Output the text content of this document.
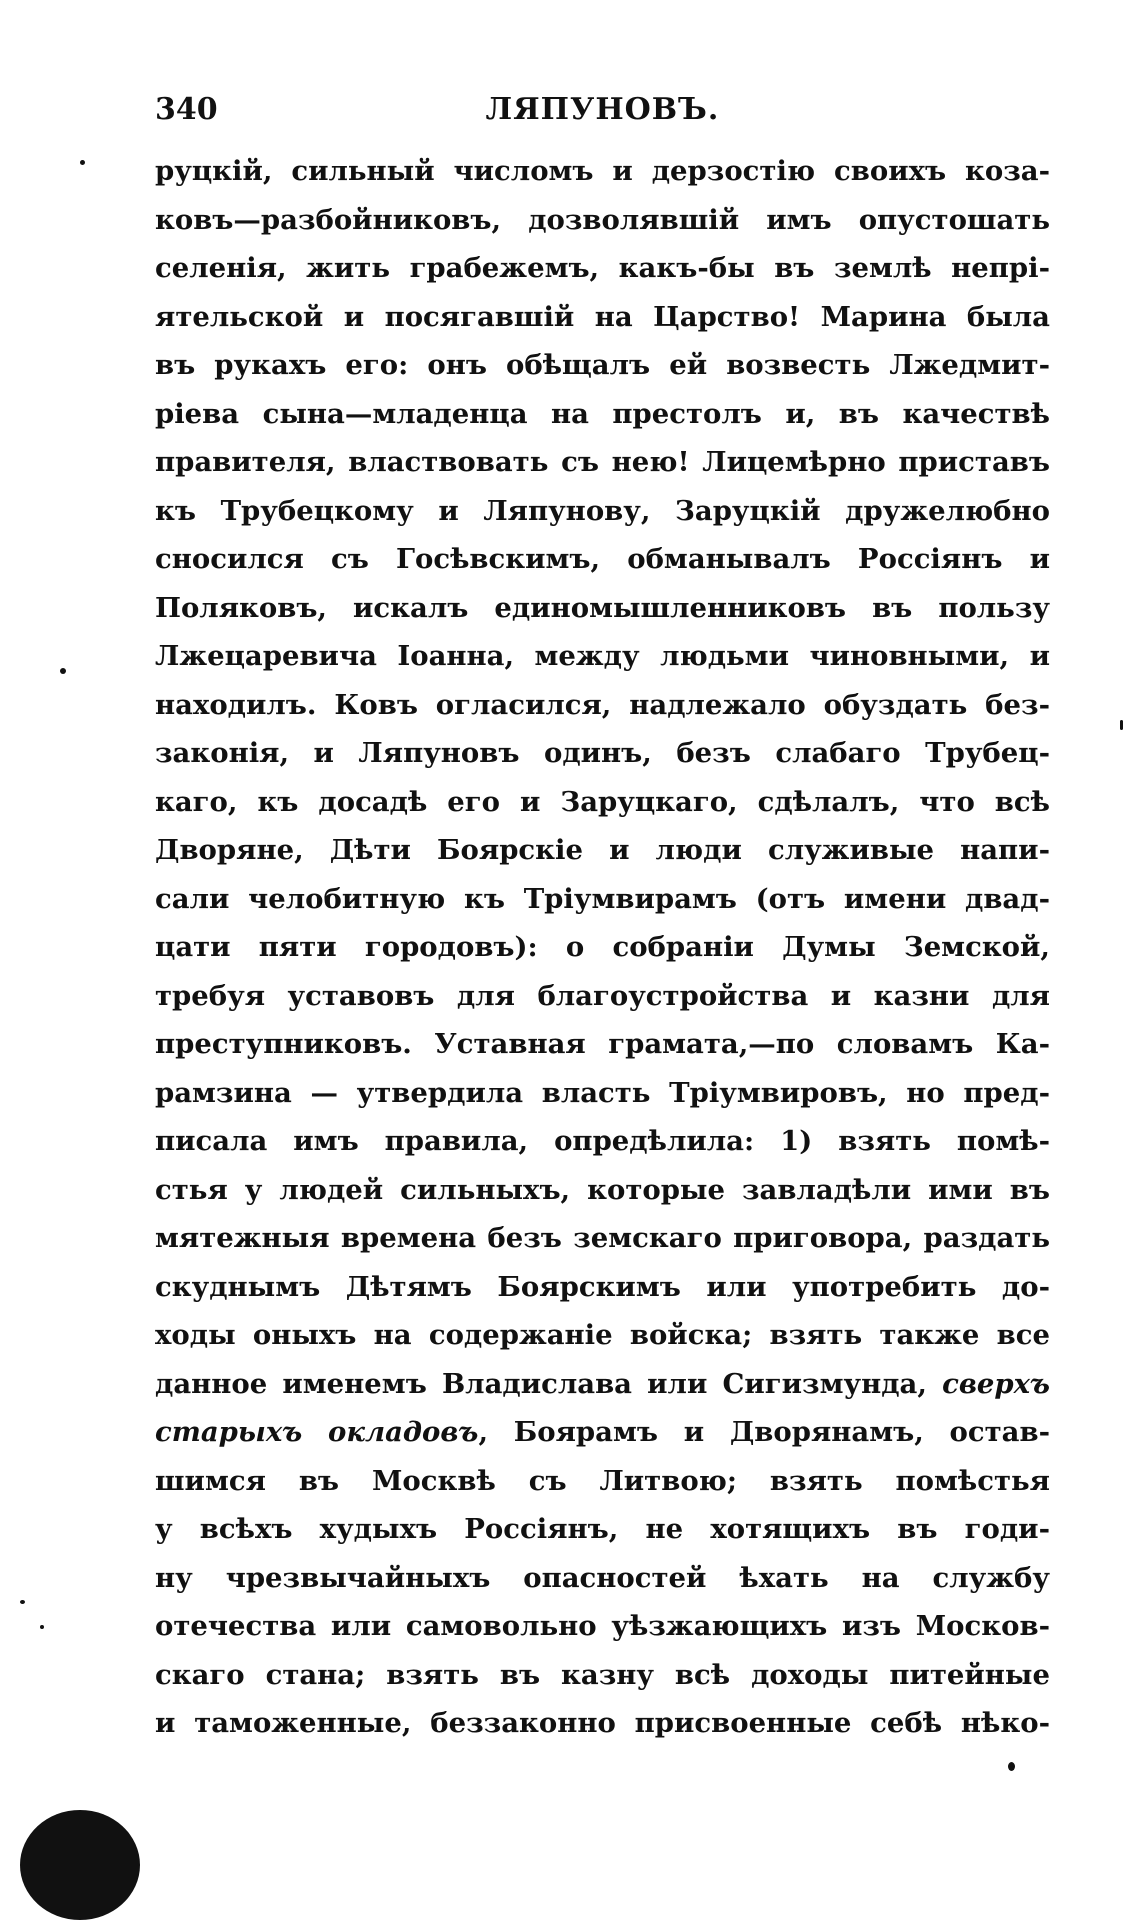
340	ЛЯПУНОВЪ.
руцкій, сильный числомъ и дерзостію своихъ коза-
ковъ—разбойниковъ, дозволявшій имъ опустошать
селенія, жить грабежемъ, какъ-бы въ землѣ непрі-
ятельской и посягавшій на Царство! Марина была
въ рукахъ его: онъ обѣщалъ ей возвесть Лжедмит-
ріева сына—младенца на престолъ и, въ качествѣ
правителя, властвовать съ нею! Лицемѣрно приставъ
къ Трубецкому и Ляпунову, Заруцкій дружелюбно
сносился съ Госѣвскимъ, обманывалъ Россіянъ и
Поляковъ, искалъ единомышленниковъ въ пользу
Лжецаревича Іоанна, между людьми чиновными, и
находилъ. Ковъ огласился, надлежало обуздать без-
законія, и Ляпуновъ одинъ, безъ слабаго Трубец-
каго, къ досадѣ его и Заруцкаго, сдѣлалъ, что всѣ
Дворяне, Дѣти Боярскіе и люди служивые напи-
сали челобитную къ Тріумвирамъ (отъ имени двад-
цати пяти городовъ): о собраніи Думы Земской,
требуя уставовъ для благоустройства и казни для
преступниковъ. Уставная грамата,—по словамъ Ка-
рамзина — утвердила власть Тріумвировъ, но пред-
писала имъ правила, опредѣлила: 1) взять помѣ-
стья у людей сильныхъ, которые завладѣли ими въ
мятежныя времена безъ земскаго приговора, раздать
скуднымъ Дѣтямъ Боярскимъ или употребить до-
ходы оныхъ на содержаніе войска; взять также все
данное именемъ Владислава или Сигизмунда, сверхъ
старыхъ окладовъ, Боярамъ и Дворянамъ, остав-
шимся въ Москвѣ съ Литвою; взять помѣстья
у всѣхъ худыхъ Россіянъ, не хотящихъ въ годи-
ну чрезвычайныхъ опасностей ѣхать на службу
отечества или самовольно уѣзжающихъ изъ Москов-
скаго стана; взять въ казну всѣ доходы питейные
и таможенные, беззаконно присвоенные себѣ нѣко-
